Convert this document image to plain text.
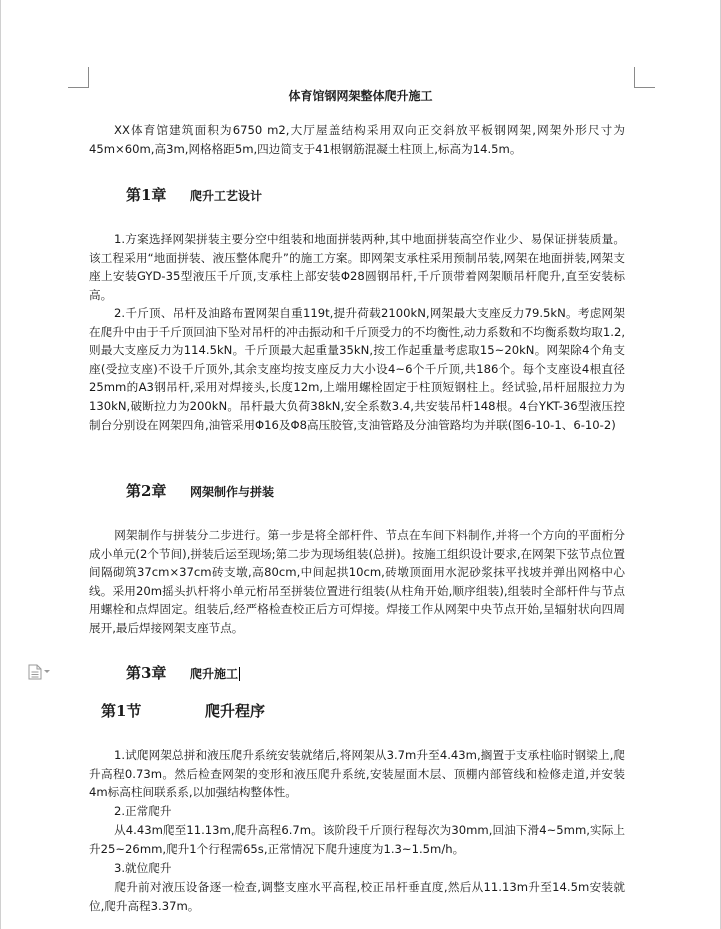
体育馆钢网架整体爬升施工

XX体育馆建筑面积为6750 m2,大厅屋盖结构采用双向正交斜放平板钢网架,网架外形尺寸为45m×60m,高3m,网格格距5m,四边简支于41根钢筋混凝土柱顶上,标高为14.5m。

第1章 爬升工艺设计

1.方案选择网架拼装主要分空中组装和地面拼装两种,其中地面拼装高空作业少、易保证拼装质量。该工程采用“地面拼装、液压整体爬升”的施工方案。即网架支承柱采用预制吊装,网架在地面拼装,网架支座上安装GYD-35型液压千斤顶,支承柱上部安装Φ28圆钢吊杆,千斤顶带着网架顺吊杆爬升,直至安装标高。

2.千斤顶、吊杆及油路布置网架自重119t,提升荷载2100kN,网架最大支座反力79.5kN。考虑网架在爬升中由于千斤顶回油下坠对吊杆的冲击振动和千斤顶受力的不均衡性,动力系数和不均衡系数均取1.2,则最大支座反力为114.5kN。千斤顶最大起重量35kN,按工作起重量考虑取15~20kN。网架除4个角支座(受拉支座)不设千斤顶外,其余支座均按支座反力大小设4~6个千斤顶,共186个。每个支座设4根直径25mm的A3钢吊杆,采用对焊接头,长度12m,上端用螺栓固定于柱顶短钢柱上。经试验,吊杆屈服拉力为130kN,破断拉力为200kN。吊杆最大负荷38kN,安全系数3.4,共安装吊杆148根。4台YKT-36型液压控制台分别设在网架四角,油管采用Φ16及Φ8高压胶管,支油管路及分油管路均为并联(图6-10-1、6-10-2)

第2章 网架制作与拼装

网架制作与拼装分二步进行。第一步是将全部杆件、节点在车间下料制作,并将一个方向的平面桁分成小单元(2个节间),拼装后运至现场;第二步为现场组装(总拼)。按施工组织设计要求,在网架下弦节点位置间隔砌筑37cm×37cm砖支墩,高80cm,中间起拱10cm,砖墩顶面用水泥砂浆抹平找坡并弹出网格中心线。采用20m摇头扒杆将小单元桁吊至拼装位置进行组装(从柱角开始,顺序组装),组装时全部杆件与节点用螺栓和点焊固定。组装后,经严格检查校正后方可焊接。焊接工作从网架中央节点开始,呈辐射状向四周展开,最后焊接网架支座节点。

第3章 爬升施工
第1节	爬升程序

1.试爬网架总拼和液压爬升系统安装就绪后,将网架从3.7m升至4.43m,搁置于支承柱临时钢梁上,爬升高程0.73m。然后检查网架的变形和液压爬升系统,安装屋面木层、顶棚内部管线和检修走道,并安装4m标高柱间联系系,以加强结构整体性。

2.正常爬升

从4.43m爬至11.13m,爬升高程6.7m。该阶段千斤顶行程每次为30mm,回油下滑4~5mm,实际上升25~26mm,爬升1个行程需65s,正常情况下爬升速度为1.3~1.5m/h。

3.就位爬升

爬升前对液压设备逐一检查,调整支座水平高程,校正吊杆垂直度,然后从11.13m升至14.5m安装就位,爬升高程3.37m。
